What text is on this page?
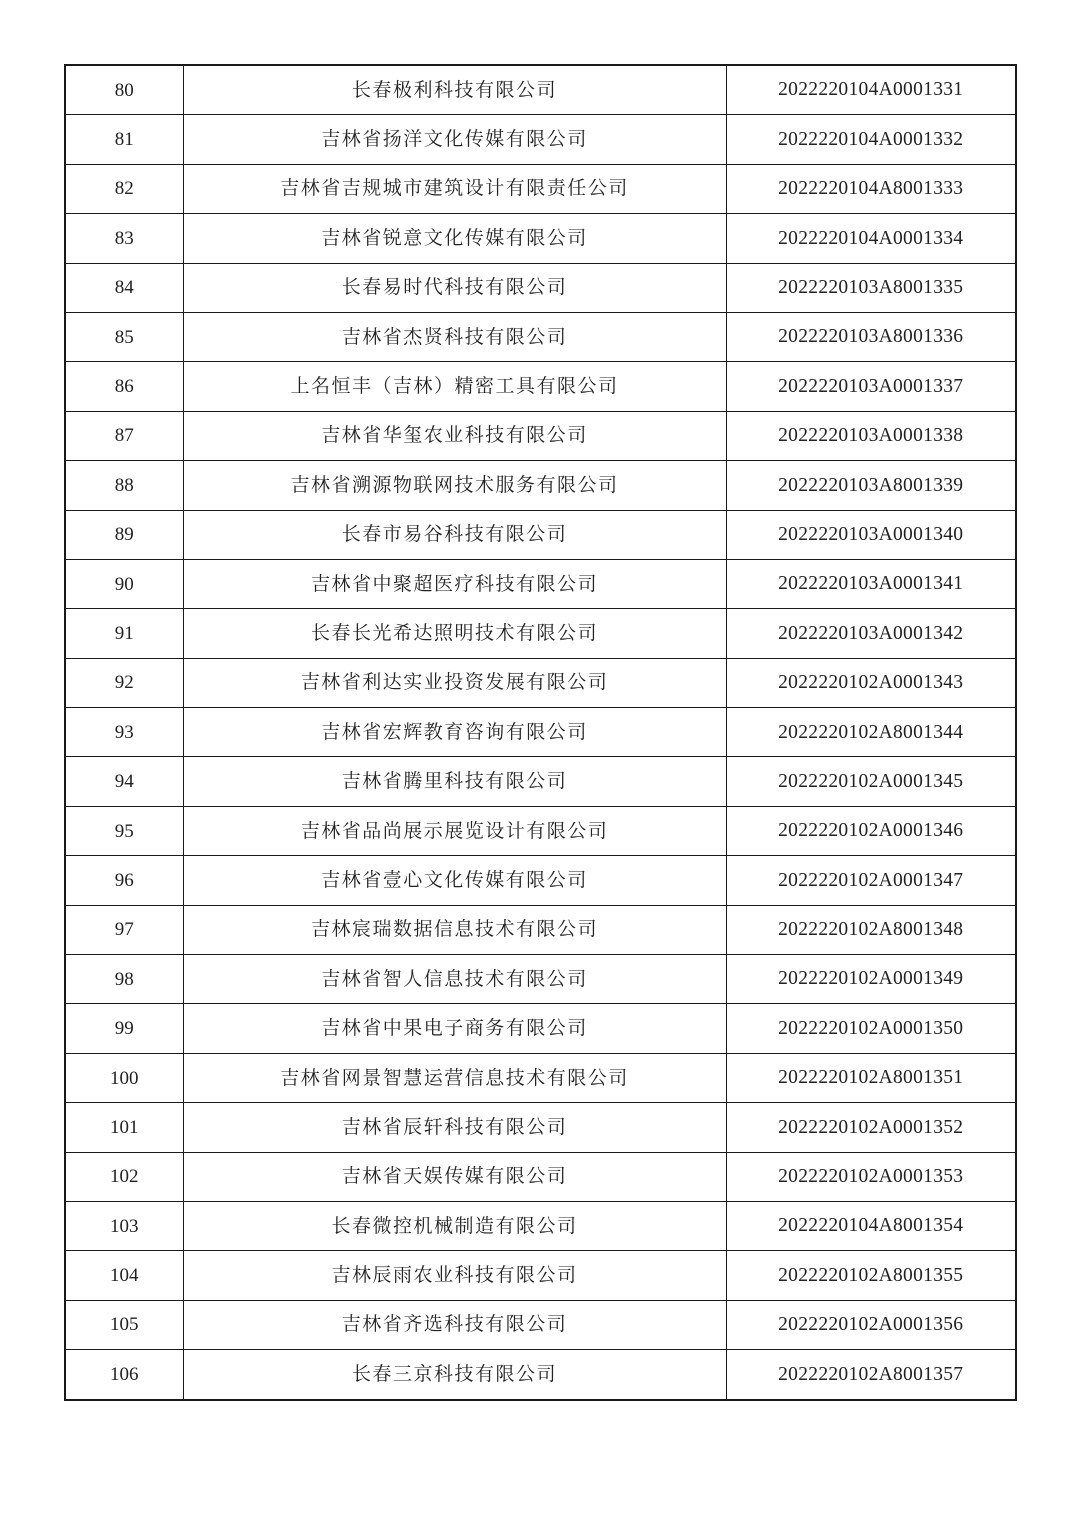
80	长春极利科技有限公司	2022220104A0001331
81	吉林省扬洋文化传媒有限公司	2022220104A0001332
82	吉林省吉规城市建筑设计有限责任公司	2022220104A8001333
83	吉林省锐意文化传媒有限公司	2022220104A0001334
84	长春易时代科技有限公司	2022220103A8001335
85	吉林省杰贤科技有限公司	2022220103A8001336
86	上名恒丰（吉林）精密工具有限公司	2022220103A0001337
87	吉林省华玺农业科技有限公司	2022220103A0001338
88	吉林省溯源物联网技术服务有限公司	2022220103A8001339
89	长春市易谷科技有限公司	2022220103A0001340
90	吉林省中聚超医疗科技有限公司	2022220103A0001341
91	长春长光希达照明技术有限公司	2022220103A0001342
92	吉林省利达实业投资发展有限公司	2022220102A0001343
93	吉林省宏辉教育咨询有限公司	2022220102A8001344
94	吉林省腾里科技有限公司	2022220102A0001345
95	吉林省品尚展示展览设计有限公司	2022220102A0001346
96	吉林省壹心文化传媒有限公司	2022220102A0001347
97	吉林宸瑞数据信息技术有限公司	2022220102A8001348
98	吉林省智人信息技术有限公司	2022220102A0001349
99	吉林省中果电子商务有限公司	2022220102A0001350
100	吉林省网景智慧运营信息技术有限公司	2022220102A8001351
101	吉林省辰轩科技有限公司	2022220102A0001352
102	吉林省天娱传媒有限公司	2022220102A0001353
103	长春微控机械制造有限公司	2022220104A8001354
104	吉林辰雨农业科技有限公司	2022220102A8001355
105	吉林省齐选科技有限公司	2022220102A0001356
106	长春三京科技有限公司	2022220102A8001357
